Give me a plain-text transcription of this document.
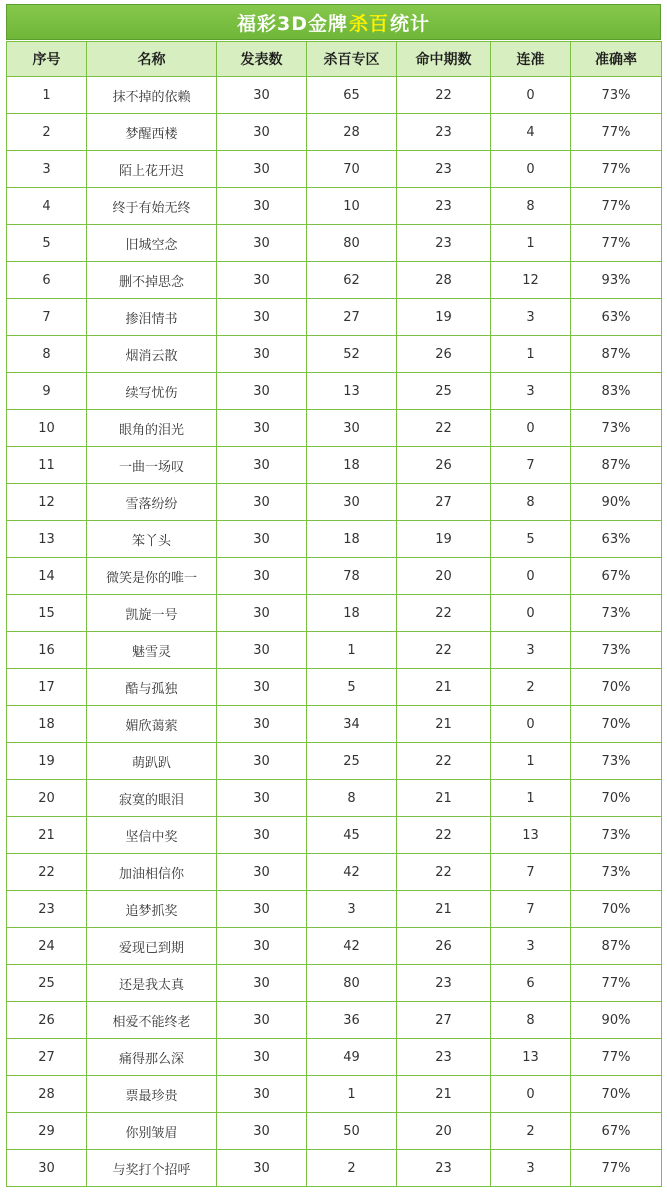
福彩3D金牌 杀百 统计
序号	名称	发表数	杀百专区	命中期数	连准	准确率
1	抹不掉的依赖	30	65	22	0	73%
2	梦醒西楼	30	28	23	4	77%
3	陌上花开迟	30	70	23	0	77%
4	终于有始无终	30	10	23	8	77%
5	旧城空念	30	80	23	1	77%
6	删不掉思念	30	62	28	12	93%
7	掺泪情书	30	27	19	3	63%
8	烟消云散	30	52	26	1	87%
9	续写忧伤	30	13	25	3	83%
10	眼角的泪光	30	30	22	0	73%
11	一曲一场叹	30	18	26	7	87%
12	雪落纷纷	30	30	27	8	90%
13	笨丫头	30	18	19	5	63%
14	微笑是你的唯一	30	78	20	0	67%
15	凯旋一号	30	18	22	0	73%
16	魅雪灵	30	1	22	3	73%
17	酷与孤独	30	5	21	2	70%
18	媚欣蔼萦	30	34	21	0	70%
19	萌趴趴	30	25	22	1	73%
20	寂寞的眼泪	30	8	21	1	70%
21	坚信中奖	30	45	22	13	73%
22	加油相信你	30	42	22	7	73%
23	追梦抓奖	30	3	21	7	70%
24	爱现已到期	30	42	26	3	87%
25	还是我太真	30	80	23	6	77%
26	相爱不能终老	30	36	27	8	90%
27	痛得那么深	30	49	23	13	77%
28	票最珍贵	30	1	21	0	70%
29	你别皱眉	30	50	20	2	67%
30	与奖打个招呼	30	2	23	3	77%
